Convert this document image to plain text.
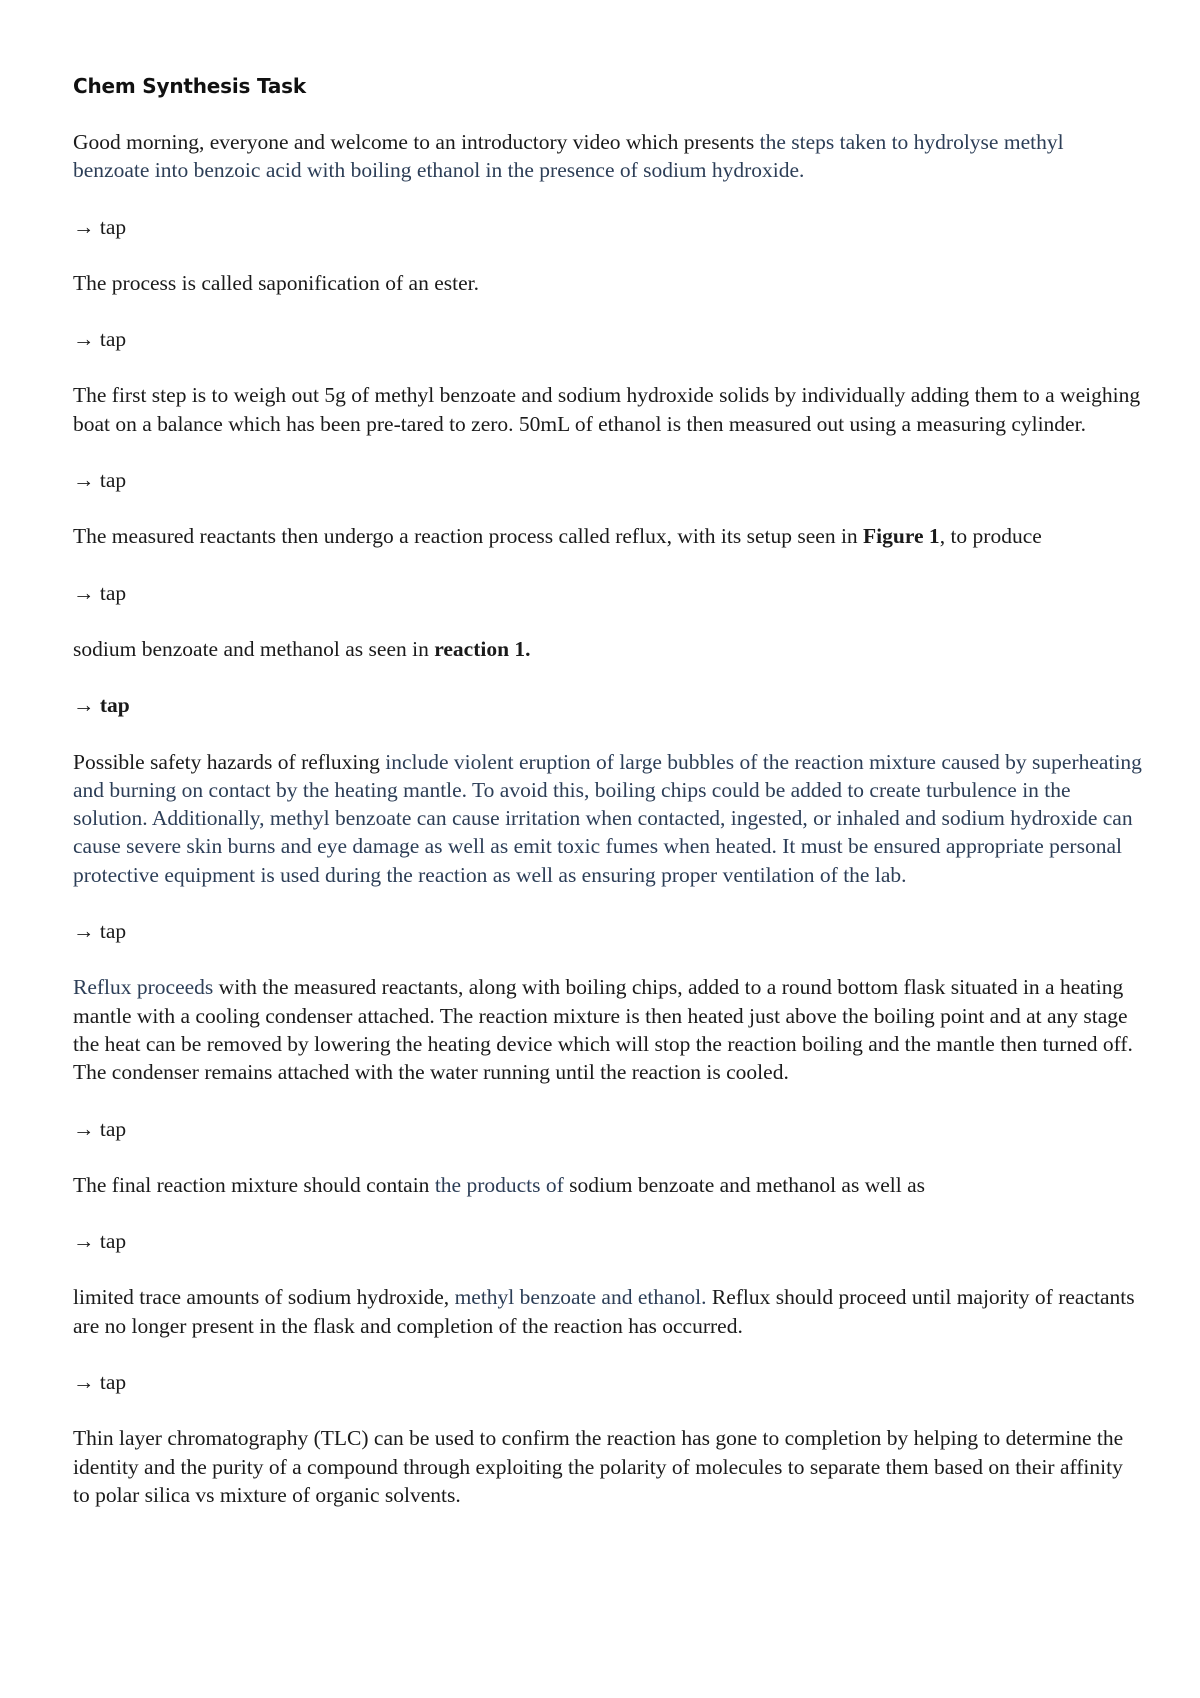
Chem Synthesis Task
Good morning, everyone and welcome to an introductory video which presents the steps taken to hydrolyse methyl benzoate into benzoic acid with boiling ethanol in the presence of sodium hydroxide.
→ tap
The process is called saponification of an ester.
→ tap
The first step is to weigh out 5g of methyl benzoate and sodium hydroxide solids by individually adding them to a weighing boat on a balance which has been pre-tared to zero. 50mL of ethanol is then measured out using a measuring cylinder.
→ tap
The measured reactants then undergo a reaction process called reflux, with its setup seen in Figure 1, to produce
→ tap
sodium benzoate and methanol as seen in reaction 1.
→ tap
Possible safety hazards of refluxing include violent eruption of large bubbles of the reaction mixture caused by superheating and burning on contact by the heating mantle. To avoid this, boiling chips could be added to create turbulence in the solution. Additionally, methyl benzoate can cause irritation when contacted, ingested, or inhaled and sodium hydroxide can cause severe skin burns and eye damage as well as emit toxic fumes when heated. It must be ensured appropriate personal protective equipment is used during the reaction as well as ensuring proper ventilation of the lab.
→ tap
Reflux proceeds with the measured reactants, along with boiling chips, added to a round bottom flask situated in a heating mantle with a cooling condenser attached. The reaction mixture is then heated just above the boiling point and at any stage the heat can be removed by lowering the heating device which will stop the reaction boiling and the mantle then turned off. The condenser remains attached with the water running until the reaction is cooled.
→ tap
The final reaction mixture should contain the products of sodium benzoate and methanol as well as
→ tap
limited trace amounts of sodium hydroxide, methyl benzoate and ethanol. Reflux should proceed until majority of reactants are no longer present in the flask and completion of the reaction has occurred.
→ tap
Thin layer chromatography (TLC) can be used to confirm the reaction has gone to completion by helping to determine the identity and the purity of a compound through exploiting the polarity of molecules to separate them based on their affinity to polar silica vs mixture of organic solvents.
